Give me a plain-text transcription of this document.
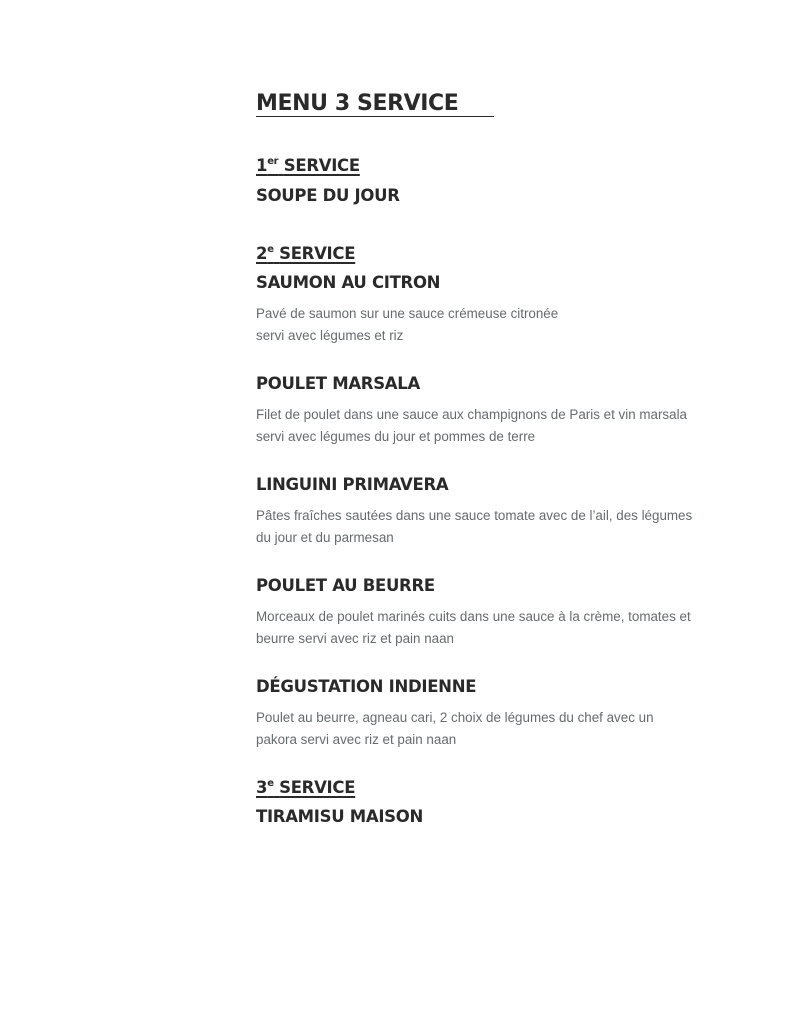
MENU 3 SERVICE
1er SERVICE
SOUPE DU JOUR
2e SERVICE
SAUMON AU CITRON
Pavé de saumon sur une sauce crémeuse citronée
servi avec légumes et riz
POULET MARSALA
Filet de poulet dans une sauce aux champignons de Paris et vin marsala
servi avec légumes du jour et pommes de terre
LINGUINI PRIMAVERA
Pâtes fraîches sautées dans une sauce tomate avec de l’ail, des légumes
du jour et du parmesan
POULET AU BEURRE
Morceaux de poulet marinés cuits dans une sauce à la crème, tomates et
beurre servi avec riz et pain naan
DÉGUSTATION INDIENNE
Poulet au beurre, agneau cari, 2 choix de légumes du chef avec un
pakora servi avec riz et pain naan
3e SERVICE
TIRAMISU MAISON
